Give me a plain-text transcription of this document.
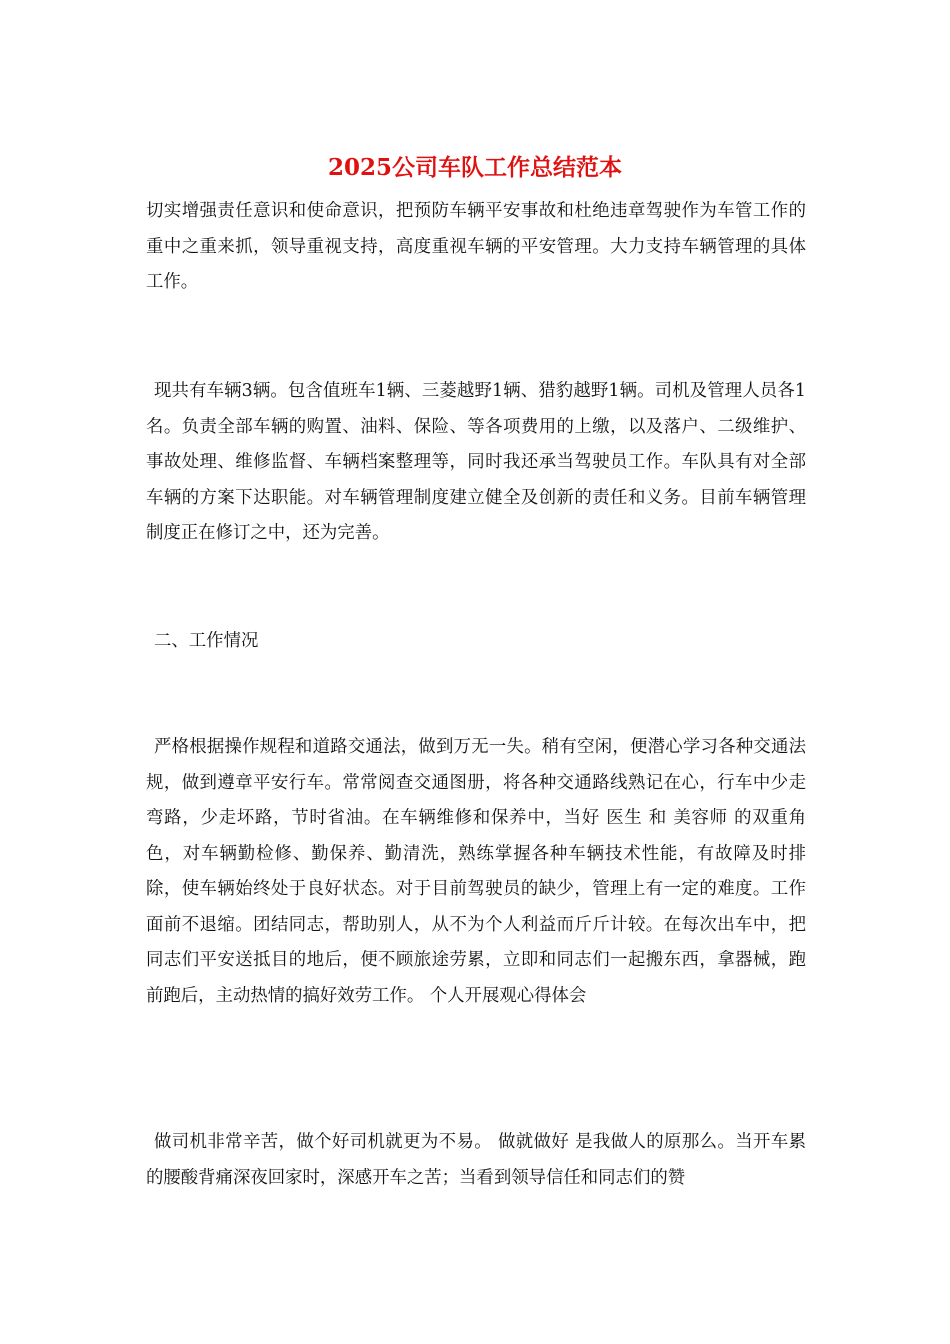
2025公司车队工作总结范本

切实增强责任意识和使命意识，把预防车辆平安事故和杜绝违章驾驶作为车管工作的重中之重来抓，领导重视支持，高度重视车辆的平安管理。大力支持车辆管理的具体工作。

现共有车辆3辆。包含值班车1辆、三菱越野1辆、猎豹越野1辆。司机及管理人员各1名。负责全部车辆的购置、油料、保险、等各项费用的上缴，以及落户、二级维护、事故处理、维修监督、车辆档案整理等，同时我还承当驾驶员工作。车队具有对全部车辆的方案下达职能。对车辆管理制度建立健全及创新的责任和义务。目前车辆管理制度正在修订之中，还为完善。

二、工作情况

严格根据操作规程和道路交通法，做到万无一失。稍有空闲，便潜心学习各种交通法规，做到遵章平安行车。常常阅查交通图册，将各种交通路线熟记在心，行车中少走弯路，少走坏路，节时省油。在车辆维修和保养中，当好 医生 和 美容师 的双重角色，对车辆勤检修、勤保养、勤清洗，熟练掌握各种车辆技术性能，有故障及时排除，使车辆始终处于良好状态。对于目前驾驶员的缺少，管理上有一定的难度。工作面前不退缩。团结同志，帮助别人，从不为个人利益而斤斤计较。在每次出车中，把同志们平安送抵目的地后，便不顾旅途劳累，立即和同志们一起搬东西，拿器械，跑前跑后，主动热情的搞好效劳工作。 个人开展观心得体会

做司机非常辛苦，做个好司机就更为不易。 做就做好 是我做人的原那么。当开车累的腰酸背痛深夜回家时，深感开车之苦；当看到领导信任和同志们的赞
